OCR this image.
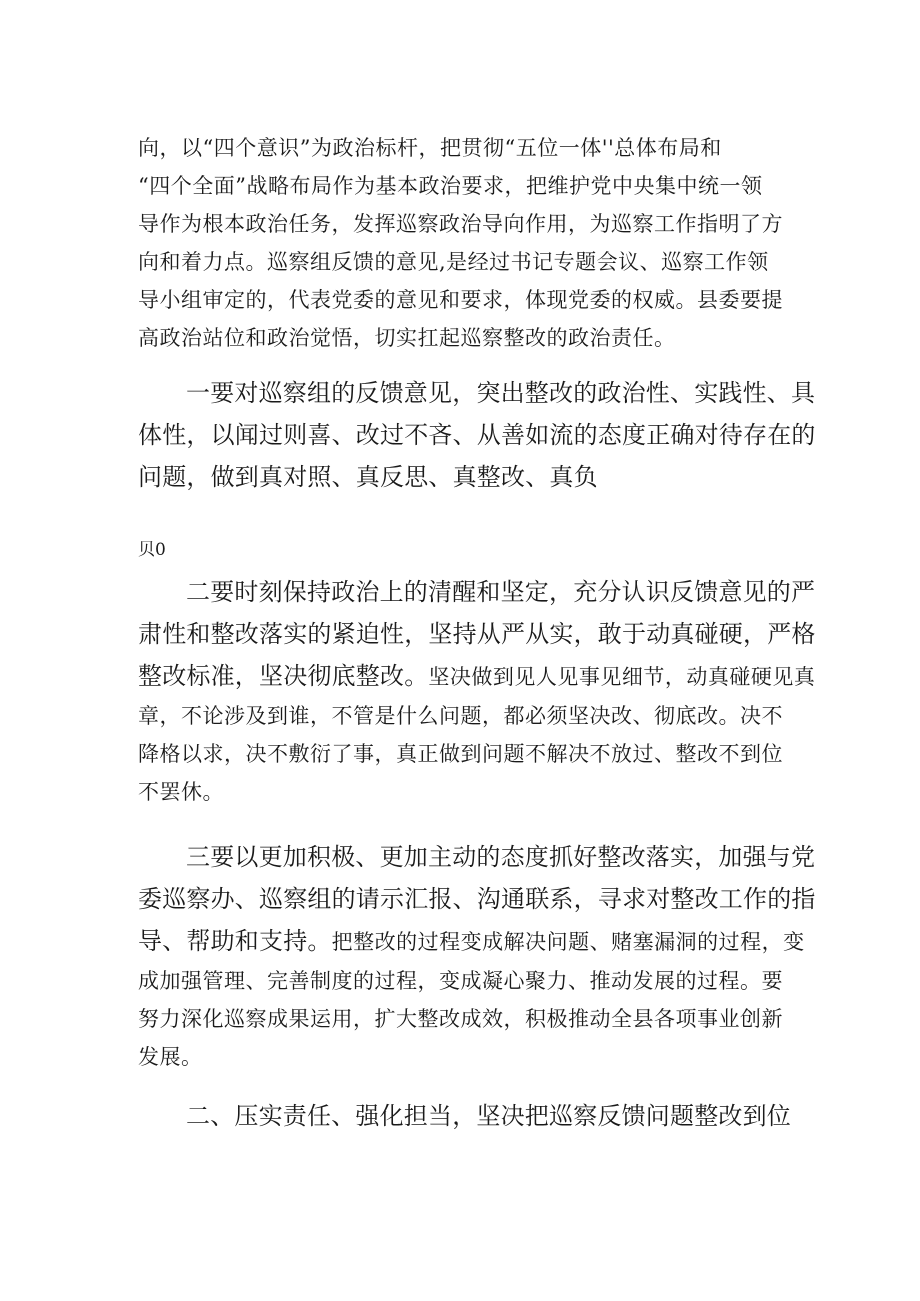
向，以“四个意识”为政治标杆，把贯彻“五位一体''总体布局和
“四个全面”战略布局作为基本政治要求，把维护党中央集中统一领
导作为根本政治任务，发挥巡察政治导向作用，为巡察工作指明了方
向和着力点。巡察组反馈的意见,是经过书记专题会议、巡察工作领
导小组审定的，代表党委的意见和要求，体现党委的权威。县委要提
高政治站位和政治觉悟，切实扛起巡察整改的政治责任。
一要对巡察组的反馈意见，突出整改的政治性、实践性、具
体性，以闻过则喜、改过不吝、从善如流的态度正确对待存在的
问题，做到真对照、真反思、真整改、真负
贝0
二要时刻保持政治上的清醒和坚定，充分认识反馈意见的严
肃性和整改落实的紧迫性，坚持从严从实，敢于动真碰硬，严格
整改标准，坚决彻底整改。坚决做到见人见事见细节，动真碰硬见真
章，不论涉及到谁，不管是什么问题，都必须坚决改、彻底改。决不
降格以求，决不敷衍了事，真正做到问题不解决不放过、整改不到位
不罢休。
三要以更加积极、更加主动的态度抓好整改落实，加强与党
委巡察办、巡察组的请示汇报、沟通联系，寻求对整改工作的指
导、帮助和支持。把整改的过程变成解决问题、赌塞漏洞的过程，变
成加强管理、完善制度的过程，变成凝心聚力、推动发展的过程。要
努力深化巡察成果运用，扩大整改成效，积极推动全县各项事业创新
发展。
二、压实责任、强化担当，坚决把巡察反馈问题整改到位
